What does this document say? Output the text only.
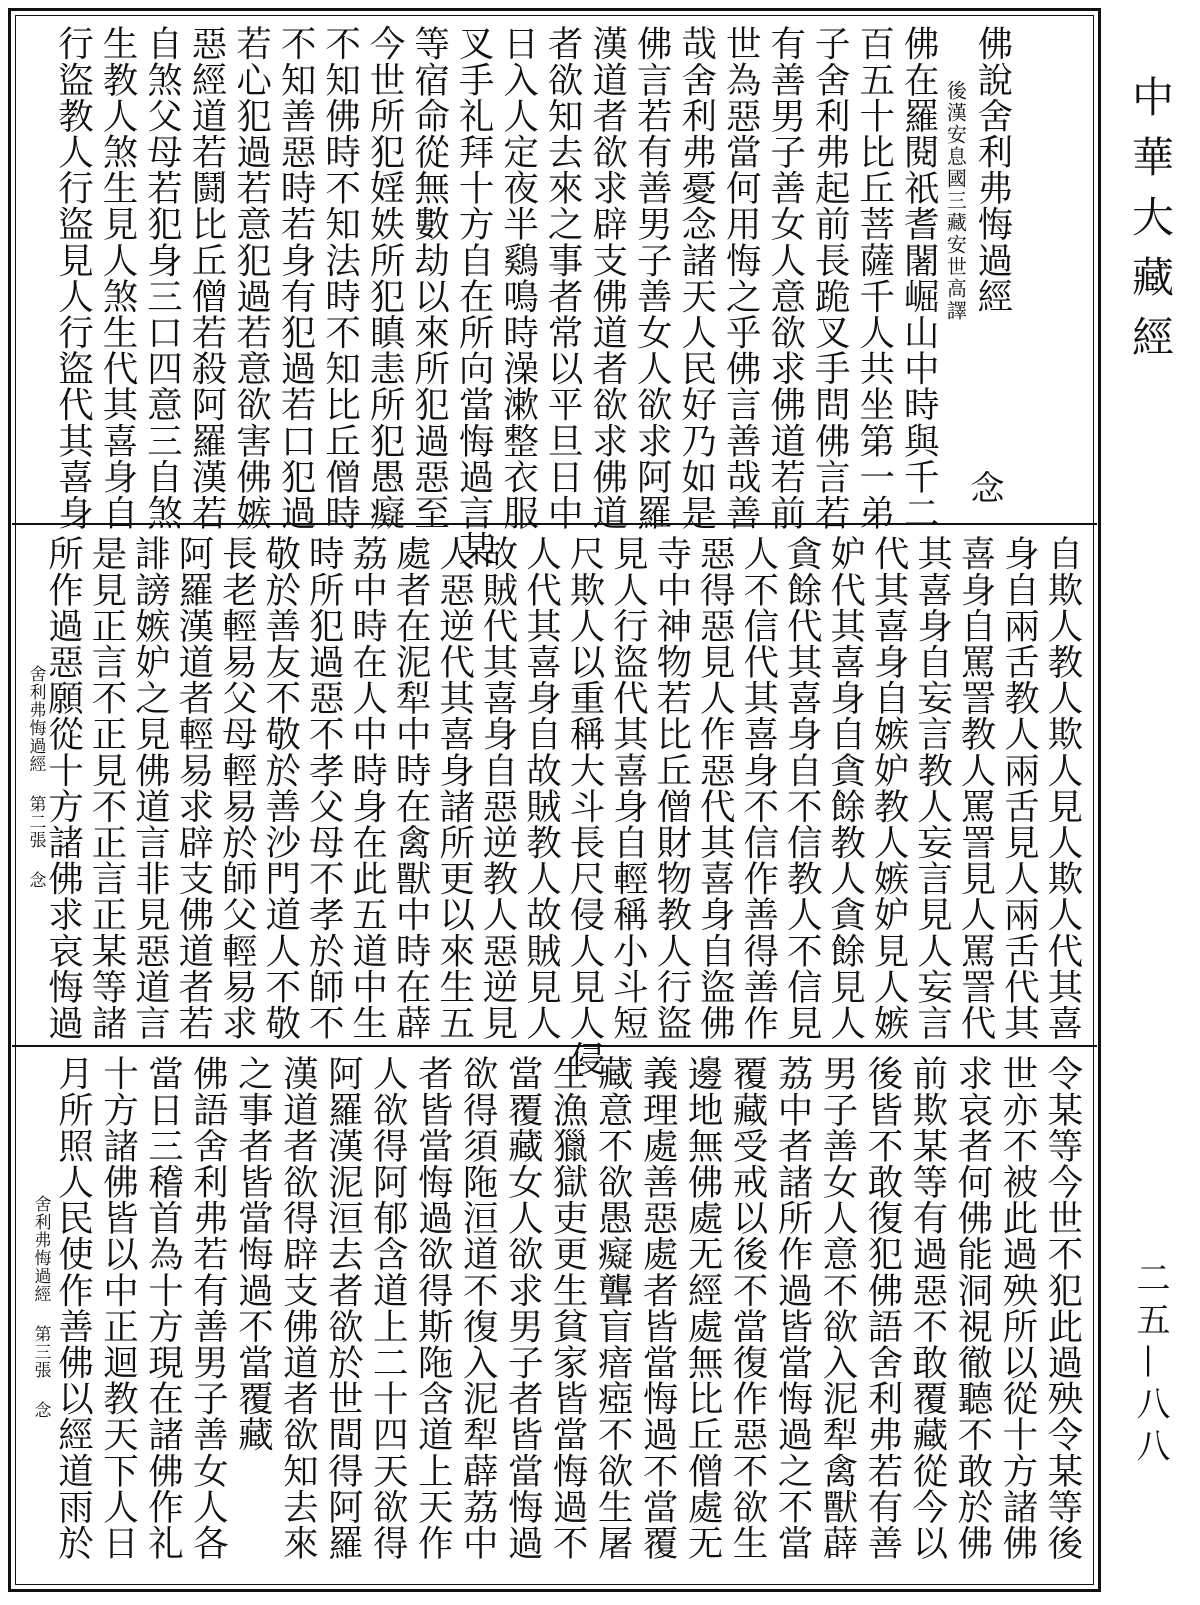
中華大藏經
二五—八八
念
佛說舍利弗悔過經
後漢安息國三藏安世高譯
佛在羅閱祇耆闍崛山中時與千二
百五十比丘菩薩千人共坐第一弟
子舍利弗起前長跪叉手問佛言若
有善男子善女人意欲求佛道若前
世為惡當何用悔之乎佛言善哉善
哉舍利弗憂念諸天人民好乃如是
佛言若有善男子善女人欲求阿羅
漢道者欲求辟支佛道者欲求佛道
者欲知去來之事者常以平旦日中
日入人定夜半鷄鳴時澡漱整衣服
叉手礼拜十方自在所向當悔過言某
等宿命從無數劫以來所犯過惡至
今世所犯婬妷所犯瞋恚所犯愚癡
不知佛時不知法時不知比丘僧時
不知善惡時若身有犯過若口犯過
若心犯過若意犯過若意欲害佛嫉
惡經道若鬪比丘僧若殺阿羅漢若
自煞父母若犯身三口四意三自煞
生教人煞生見人煞生代其喜身自
行盜教人行盜見人行盜代其喜身
自欺人教人欺人見人欺人代其喜
身自兩舌教人兩舌見人兩舌代其
喜身自罵詈教人罵詈見人罵詈代
其喜身自妄言教人妄言見人妄言
代其喜身自嫉妒教人嫉妒見人嫉
妒代其喜身自貪餘教人貪餘見人
貪餘代其喜身自不信教人不信見
人不信代其喜身不信作善得善作
惡得惡見人作惡代其喜身自盜佛
寺中神物若比丘僧財物教人行盜
見人行盜代其喜身自輕稱小斗短
尺欺人以重稱大斗長尺侵人見人侵
人代其喜身自故賊教人故賊見人
故賊代其喜身自惡逆教人惡逆見
人惡逆代其喜身諸所更以來生五
處者在泥犁中時在禽獸中時在薜
荔中時在人中時身在此五道中生
時所犯過惡不孝父母不孝於師不
敬於善友不敬於善沙門道人不敬
長老輕易父母輕易於師父輕易求
阿羅漢道者輕易求辟支佛道者若
誹謗嫉妒之見佛道言非見惡道言
是見正言不正見不正言正某等諸
所作過惡願從十方諸佛求哀悔過
舍利弗悔過經
第二張
念
令某等今世不犯此過殃令某等後
世亦不被此過殃所以從十方諸佛
求哀者何佛能洞視徹聽不敢於佛
前欺某等有過惡不敢覆藏從今以
後皆不敢復犯佛語舍利弗若有善
男子善女人意不欲入泥犁禽獸薜
荔中者諸所作過皆當悔過之不當
覆藏受戒以後不當復作惡不欲生
邊地無佛處无經處無比丘僧處无
義理處善惡處者皆當悔過不當覆
藏意不欲愚癡聾盲瘖瘂不欲生屠
生漁獵獄吏更生貧家皆當悔過不
當覆藏女人欲求男子者皆當悔過
欲得須陁洹道不復入泥犁薜荔中
者皆當悔過欲得斯陁含道上天作
人欲得阿郁含道上二十四天欲得
阿羅漢泥洹去者欲於世間得阿羅
漢道者欲得辟支佛道者欲知去來
之事者皆當悔過不當覆藏
佛語舍利弗若有善男子善女人各
當日三稽首為十方現在諸佛作礼
十方諸佛皆以中正迴教天下人日
月所照人民使作善佛以經道雨於
舍利弗悔過經
第三張
念
